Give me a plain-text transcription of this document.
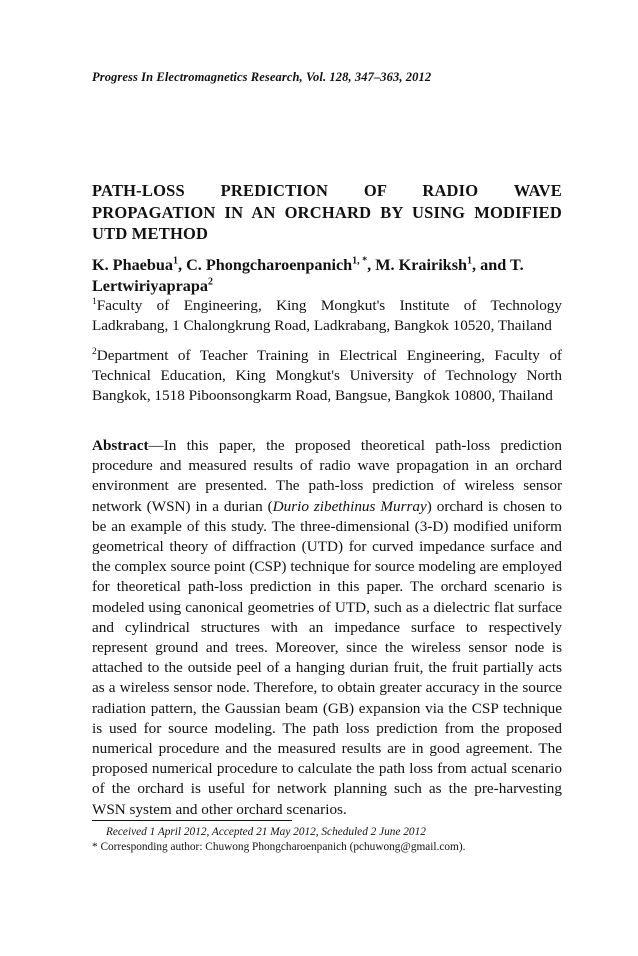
Progress In Electromagnetics Research, Vol. 128, 347–363, 2012
PATH-LOSS PREDICTION OF RADIO WAVE PROPAGATION IN AN ORCHARD BY USING MODIFIED UTD METHOD
K. Phaebua$^1$, C. Phongcharoenpanich$^{1, *}$, M. Krairiksh$^1$, and T. Lertwiriyaprapa$^2$
$^1$Faculty of Engineering, King Mongkut's Institute of Technology Ladkrabang, 1 Chalongkrung Road, Ladkrabang, Bangkok 10520, Thailand
$^2$Department of Teacher Training in Electrical Engineering, Faculty of Technical Education, King Mongkut's University of Technology North Bangkok, 1518 Piboonsongkarm Road, Bangsue, Bangkok 10800, Thailand
Abstract—In this paper, the proposed theoretical path-loss prediction procedure and measured results of radio wave propagation in an orchard environment are presented. The path-loss prediction of wireless sensor network (WSN) in a durian (Durio zibethinus Murray) orchard is chosen to be an example of this study. The three-dimensional (3-D) modified uniform geometrical theory of diffraction (UTD) for curved impedance surface and the complex source point (CSP) technique for source modeling are employed for theoretical path-loss prediction in this paper. The orchard scenario is modeled using canonical geometries of UTD, such as a dielectric flat surface and cylindrical structures with an impedance surface to respectively represent ground and trees. Moreover, since the wireless sensor node is attached to the outside peel of a hanging durian fruit, the fruit partially acts as a wireless sensor node. Therefore, to obtain greater accuracy in the source radiation pattern, the Gaussian beam (GB) expansion via the CSP technique is used for source modeling. The path loss prediction from the proposed numerical procedure and the measured results are in good agreement. The proposed numerical procedure to calculate the path loss from actual scenario of the orchard is useful for network planning such as the pre-harvesting WSN system and other orchard scenarios.
Received 1 April 2012, Accepted 21 May 2012, Scheduled 2 June 2012
* Corresponding author: Chuwong Phongcharoenpanich (pchuwong@gmail.com).
